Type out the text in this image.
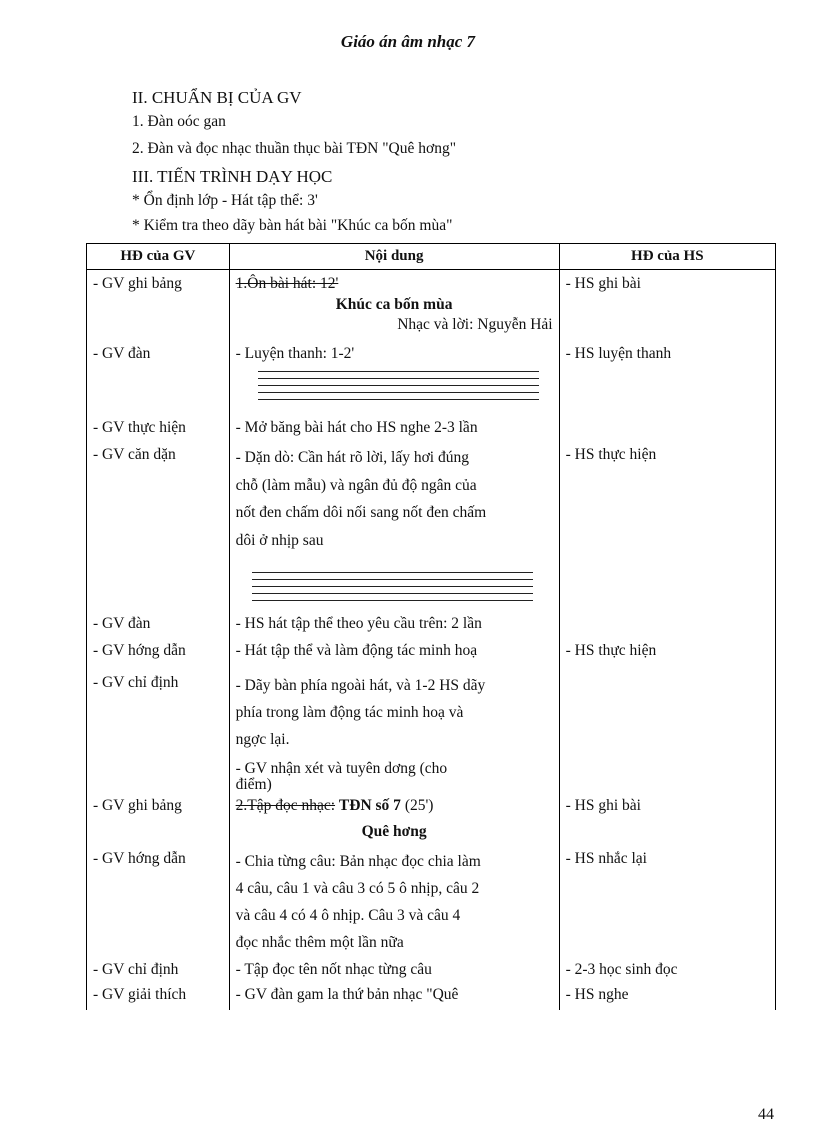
Giáo án âm nhạc 7
II. CHUẨN BỊ CỦA GV
1. Đàn oóc gan
2. Đàn và đọc nhạc thuần thục bài TĐN "Quê hơng"
III. TIẾN TRÌNH DẠY HỌC
* Ổn định lớp - Hát tập thể: 3'
* Kiểm tra theo dãy bàn hát bài "Khúc ca bốn mùa"
HĐ của GV	Nội dung	HĐ của HS
- GV ghi bảng	1.Ôn bài hát: 12'	- HS ghi bài

	Khúc ca bốn mùa
Nhạc và lời: Nguyễn Hải	

- GV đàn	- Luyện thanh: 1-2'	- HS luyện thanh
- GV thực hiện	- Mở băng bài hát cho HS nghe 2-3 lần	
- GV căn dặn	- Dặn dò: Cần hát rõ lời, lấy hơi đúng
chỗ (làm mẫu) và ngân đủ độ ngân của
nốt đen chấm dôi nối sang nốt đen chấm
dôi ở nhịp sau	- HS thực hiện
- GV đàn	- HS hát tập thể theo yêu cầu trên: 2 lần	
- GV hớng dẫn	- Hát tập thể và làm động tác minh hoạ	- HS thực hiện
- GV chỉ định	- Dãy bàn phía ngoài hát, và 1-2 HS dãy
phía trong làm động tác minh hoạ và
ngợc lại.
- GV nhận xét và tuyên dơng (cho
điểm)	

- GV ghi bảng	2.Tập đọc nhạc: TĐN số 7 (25')	- HS ghi bài
	Quê hơng	
- GV hớng dẫn	- Chia từng câu: Bản nhạc đọc chia làm
4 câu, câu 1 và câu 3 có 5 ô nhịp, câu 2
và câu 4 có 4 ô nhịp. Câu 3 và câu 4
đọc nhắc thêm một lần nữa	- HS nhắc lại
- GV chỉ định	- Tập đọc tên nốt nhạc từng câu	- 2-3 học sinh đọc
- GV giải thích	- GV đàn gam la thứ bản nhạc "Quê	- HS nghe
44
